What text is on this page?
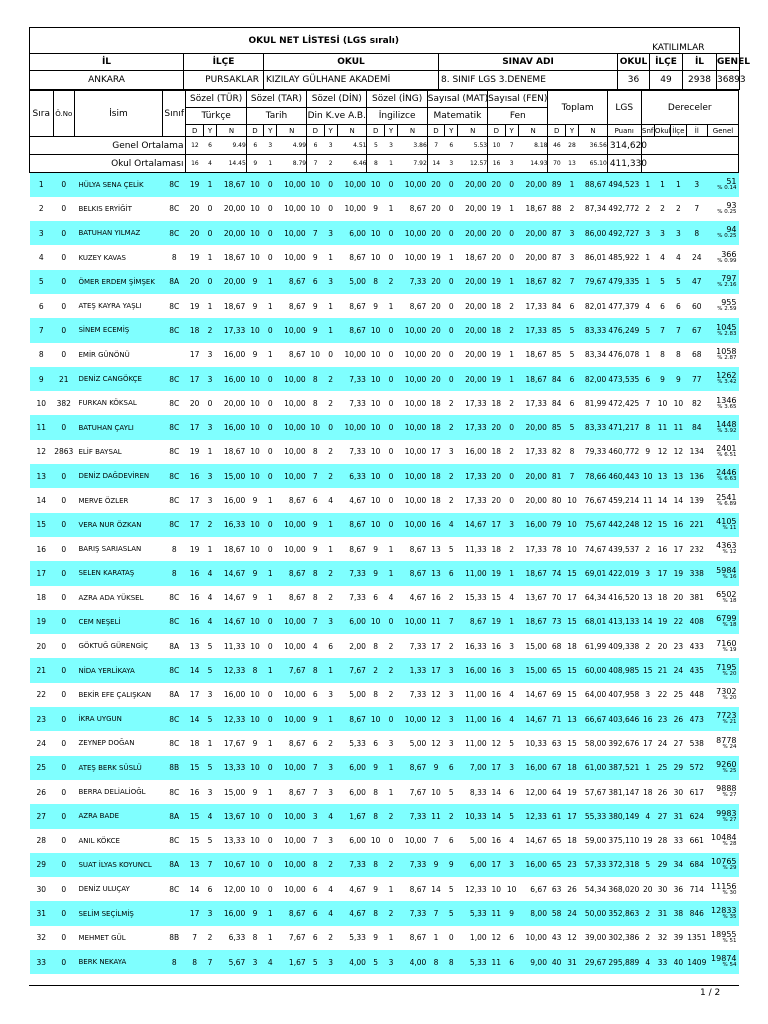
OKUL NET LİSTESİ (LGS sıralı)				KATILIMLAR			
İL	İLÇE	OKUL	SINAV ADI	OKUL	İLÇE	İL	GENEL
ANKARA	PURSAKLAR	KIZILAY GÜLHANE AKADEMİ	8. SINIF LGS 3.DENEME	36	49	2938	36893
Sıra	Ö.No	İsim	Sınıf	Sözel (TÜR)			Sözel (TAR)			Sözel (DİN)			Sözel (İNG)			Sayısal (MAT)			Sayısal (FEN)			Toplam			LGS	Dereceler				
				Türkçe			Tarih			Din K.ve A.B.			İngilizce			Matematik			Fen											
				D	Y	N	D	Y	N	D	Y	N	D	Y	N	D	Y	N	D	Y	N	D	Y	N	Puanı	Snf	Okul	İlçe	İl	Genel
Genel Ortalama				12	6	9.49	6	3	4.99	6	3	4.51	5	3	3.86	7	6	5.53	10	7	8.18	46	28	36.56	314,620					
Okul Ortalaması				16	4	14.45	9	1	8.79	7	2	6.46	8	1	7.92	14	3	12.57	16	3	14.93	70	13	65.10	411,330					
1	0	HÜLYA SENA ÇELİK	8C	19	1	18,67	10	0	10,00	10	0	10,00	10	0	10,00	20	0	20,00	20	0	20,00	89	1	88,67	494,523	1	1	1	3	51
% 0.14

2	0	BELKIS ERYİĞİT	8C	20	0	20,00	10	0	10,00	10	0	10,00	9	1	8,67	20	0	20,00	19	1	18,67	88	2	87,34	492,772	2	2	2	7	93
% 0.25

3	0	BATUHAN YILMAZ	8C	20	0	20,00	10	0	10,00	7	3	6,00	10	0	10,00	20	0	20,00	20	0	20,00	87	3	86,00	492,727	3	3	3	8	94
% 0.25

4	0	KUZEY KAVAS	8	19	1	18,67	10	0	10,00	9	1	8,67	10	0	10,00	19	1	18,67	20	0	20,00	87	3	86,01	485,922	1	4	4	24	366
% 0.99

5	0	ÖMER ERDEM ŞİMŞEK	8A	20	0	20,00	9	1	8,67	6	3	5,00	8	2	7,33	20	0	20,00	19	1	18,67	82	7	79,67	479,335	1	5	5	47	797
% 2.16

6	0	ATEŞ KAYRA YAŞLI	8C	19	1	18,67	9	1	8,67	9	1	8,67	9	1	8,67	20	0	20,00	18	2	17,33	84	6	82,01	477,379	4	6	6	60	955
% 2.59

7	0	SİNEM ECEMİŞ	8C	18	2	17,33	10	0	10,00	9	1	8,67	10	0	10,00	20	0	20,00	18	2	17,33	85	5	83,33	476,249	5	7	7	67	1045
% 2.83

8	0	EMİR GÜNÖNÜ		17	3	16,00	9	1	8,67	10	0	10,00	10	0	10,00	20	0	20,00	19	1	18,67	85	5	83,34	476,078	1	8	8	68	1058
% 2.87

9	21	DENİZ CANGÖKÇE	8C	17	3	16,00	10	0	10,00	8	2	7,33	10	0	10,00	20	0	20,00	19	1	18,67	84	6	82,00	473,535	6	9	9	77	1262
% 3.42

10	382	FURKAN KÖKSAL	8C	20	0	20,00	10	0	10,00	8	2	7,33	10	0	10,00	18	2	17,33	18	2	17,33	84	6	81,99	472,425	7	10	10	82	1346
% 3.65

11	0	BATUHAN ÇAYLI	8C	17	3	16,00	10	0	10,00	10	0	10,00	10	0	10,00	18	2	17,33	20	0	20,00	85	5	83,33	471,217	8	11	11	84	1448
% 3.92

12	2863	ELİF BAYSAL	8C	19	1	18,67	10	0	10,00	8	2	7,33	10	0	10,00	17	3	16,00	18	2	17,33	82	8	79,33	460,772	9	12	12	134	2401
% 6.51

13	0	DENİZ DAĞDEVİREN	8C	16	3	15,00	10	0	10,00	7	2	6,33	10	0	10,00	18	2	17,33	20	0	20,00	81	7	78,66	460,443	10	13	13	136	2446
% 6.63

14	0	MERVE ÖZLER	8C	17	3	16,00	9	1	8,67	6	4	4,67	10	0	10,00	18	2	17,33	20	0	20,00	80	10	76,67	459,214	11	14	14	139	2541
% 6.89

15	0	VERA NUR ÖZKAN	8C	17	2	16,33	10	0	10,00	9	1	8,67	10	0	10,00	16	4	14,67	17	3	16,00	79	10	75,67	442,248	12	15	16	221	4105
% 11

16	0	BARIŞ SARIASLAN	8	19	1	18,67	10	0	10,00	9	1	8,67	9	1	8,67	13	5	11,33	18	2	17,33	78	10	74,67	439,537	2	16	17	232	4363
% 12

17	0	SELEN KARATAŞ	8	16	4	14,67	9	1	8,67	8	2	7,33	9	1	8,67	13	6	11,00	19	1	18,67	74	15	69,01	422,019	3	17	19	338	5984
% 16

18	0	AZRA ADA YÜKSEL	8C	16	4	14,67	9	1	8,67	8	2	7,33	6	4	4,67	16	2	15,33	15	4	13,67	70	17	64,34	416,520	13	18	20	381	6502
% 18

19	0	CEM NEŞELİ	8C	16	4	14,67	10	0	10,00	7	3	6,00	10	0	10,00	11	7	8,67	19	1	18,67	73	15	68,01	413,133	14	19	22	408	6799
% 18

20	0	GÖKTUĞ GÜRENGİÇ	8A	13	5	11,33	10	0	10,00	4	6	2,00	8	2	7,33	17	2	16,33	16	3	15,00	68	18	61,99	409,338	2	20	23	433	7160
% 19

21	0	NİDA YERLİKAYA	8C	14	5	12,33	8	1	7,67	8	1	7,67	2	2	1,33	17	3	16,00	16	3	15,00	65	15	60,00	408,985	15	21	24	435	7195
% 20

22	0	BEKİR EFE ÇALIŞKAN	8A	17	3	16,00	10	0	10,00	6	3	5,00	8	2	7,33	12	3	11,00	16	4	14,67	69	15	64,00	407,958	3	22	25	448	7302
% 20

23	0	İKRA UYGUN	8C	14	5	12,33	10	0	10,00	9	1	8,67	10	0	10,00	12	3	11,00	16	4	14,67	71	13	66,67	403,646	16	23	26	473	7723
% 21

24	0	ZEYNEP DOĞAN	8C	18	1	17,67	9	1	8,67	6	2	5,33	6	3	5,00	12	3	11,00	12	5	10,33	63	15	58,00	392,676	17	24	27	538	8778
% 24

25	0	ATEŞ BERK SÜSLÜ	8B	15	5	13,33	10	0	10,00	7	3	6,00	9	1	8,67	9	6	7,00	17	3	16,00	67	18	61,00	387,521	1	25	29	572	9260
% 25

26	0	BERRA DELİALİOĞL	8C	16	3	15,00	9	1	8,67	7	3	6,00	8	1	7,67	10	5	8,33	14	6	12,00	64	19	57,67	381,147	18	26	30	617	9888
% 27

27	0	AZRA BADE	8A	15	4	13,67	10	0	10,00	3	4	1,67	8	2	7,33	11	2	10,33	14	5	12,33	61	17	55,33	380,149	4	27	31	624	9983
% 27

28	0	ANIL KÖKCE	8C	15	5	13,33	10	0	10,00	7	3	6,00	10	0	10,00	7	6	5,00	16	4	14,67	65	18	59,00	375,110	19	28	33	661	10484
% 28

29	0	SUAT İLYAS KOYUNCL	8A	13	7	10,67	10	0	10,00	8	2	7,33	8	2	7,33	9	9	6,00	17	3	16,00	65	23	57,33	372,318	5	29	34	684	10765
% 29

30	0	DENİZ ULUÇAY	8C	14	6	12,00	10	0	10,00	6	4	4,67	9	1	8,67	14	5	12,33	10	10	6,67	63	26	54,34	368,020	20	30	36	714	11156
% 30

31	0	SELİM SEÇİLMİŞ		17	3	16,00	9	1	8,67	6	4	4,67	8	2	7,33	7	5	5,33	11	9	8,00	58	24	50,00	352,863	2	31	38	846	12833
% 35

32	0	MEHMET GÜL	8B	7	2	6,33	8	1	7,67	6	2	5,33	9	1	8,67	1	0	1,00	12	6	10,00	43	12	39,00	302,386	2	32	39	1351	18955
% 51

33	0	BERK NEKAYA	8	8	7	5,67	3	4	1,67	5	3	4,00	5	3	4,00	8	8	5,33	11	6	9,00	40	31	29,67	295,889	4	33	40	1409	19874
% 54
1 / 2
